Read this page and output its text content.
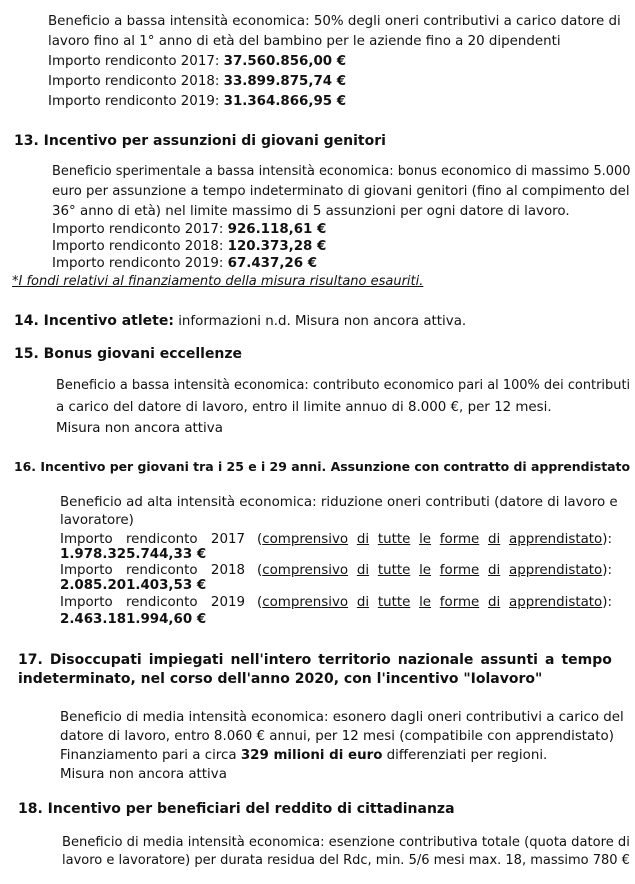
Beneficio a bassa intensità economica: 50% degli oneri contributivi a carico datore di
lavoro fino al 1° anno di età del bambino per le aziende fino a 20 dipendenti
Importo rendiconto 2017: 37.560.856,00 €
Importo rendiconto 2018: 33.899.875,74 €
Importo rendiconto 2019: 31.364.866,95 €
13. Incentivo per assunzioni di giovani genitori
Beneficio sperimentale a bassa intensità economica: bonus economico di massimo 5.000
euro per assunzione a tempo indeterminato di giovani genitori (fino al compimento del
36° anno di età) nel limite massimo di 5 assunzioni per ogni datore di lavoro.
Importo rendiconto 2017: 926.118,61 €
Importo rendiconto 2018: 120.373,28 €
Importo rendiconto 2019: 67.437,26 €
*I fondi relativi al finanziamento della misura risultano esauriti.
14. Incentivo atlete: informazioni n.d. Misura non ancora attiva.
15. Bonus giovani eccellenze
Beneficio a bassa intensità economica: contributo economico pari al 100% dei contributi
a carico del datore di lavoro, entro il limite annuo di 8.000 €, per 12 mesi.
Misura non ancora attiva
16. Incentivo per giovani tra i 25 e i 29 anni. Assunzione con contratto di apprendistato
Beneficio ad alta intensità economica: riduzione oneri contributi (datore di lavoro e
lavoratore)
Importo rendiconto 2017 ( comprensivo di tutte le forme di apprendistato ):
1.978.325.744,33 €
Importo rendiconto 2018 ( comprensivo di tutte le forme di apprendistato ):
2.085.201.403,53 €
Importo rendiconto 2019 ( comprensivo di tutte le forme di apprendistato ):
2.463.181.994,60 €
17. Disoccupati impiegati nell'intero territorio nazionale assunti a tempo
indeterminato, nel corso dell'anno 2020, con l'incentivo "Iolavoro"
Beneficio di media intensità economica: esonero dagli oneri contributivi a carico del
datore di lavoro, entro 8.060 € annui, per 12 mesi (compatibile con apprendistato)
Finanziamento pari a circa 329 milioni di euro differenziati per regioni.
Misura non ancora attiva
18. Incentivo per beneficiari del reddito di cittadinanza
Beneficio di media intensità economica: esenzione contributiva totale (quota datore di
lavoro e lavoratore) per durata residua del Rdc, min. 5/6 mesi max. 18, massimo 780 €
